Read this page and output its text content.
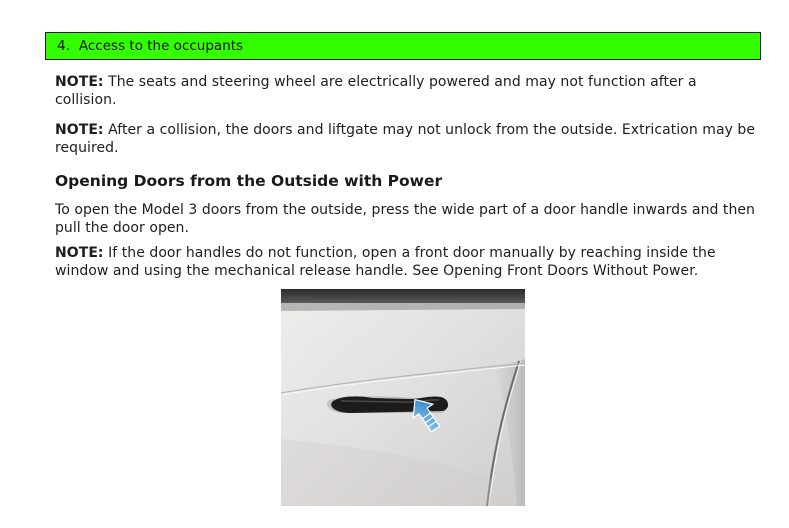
4. Access to the occupants

NOTE: The seats and steering wheel are electrically powered and may not function after a collision.

NOTE: After a collision, the doors and liftgate may not unlock from the outside. Extrication may be required.

Opening Doors from the Outside with Power

To open the Model 3 doors from the outside, press the wide part of a door handle inwards and then pull the door open.

NOTE: If the door handles do not function, open a front door manually by reaching inside the window and using the mechanical release handle. See Opening Front Doors Without Power.
